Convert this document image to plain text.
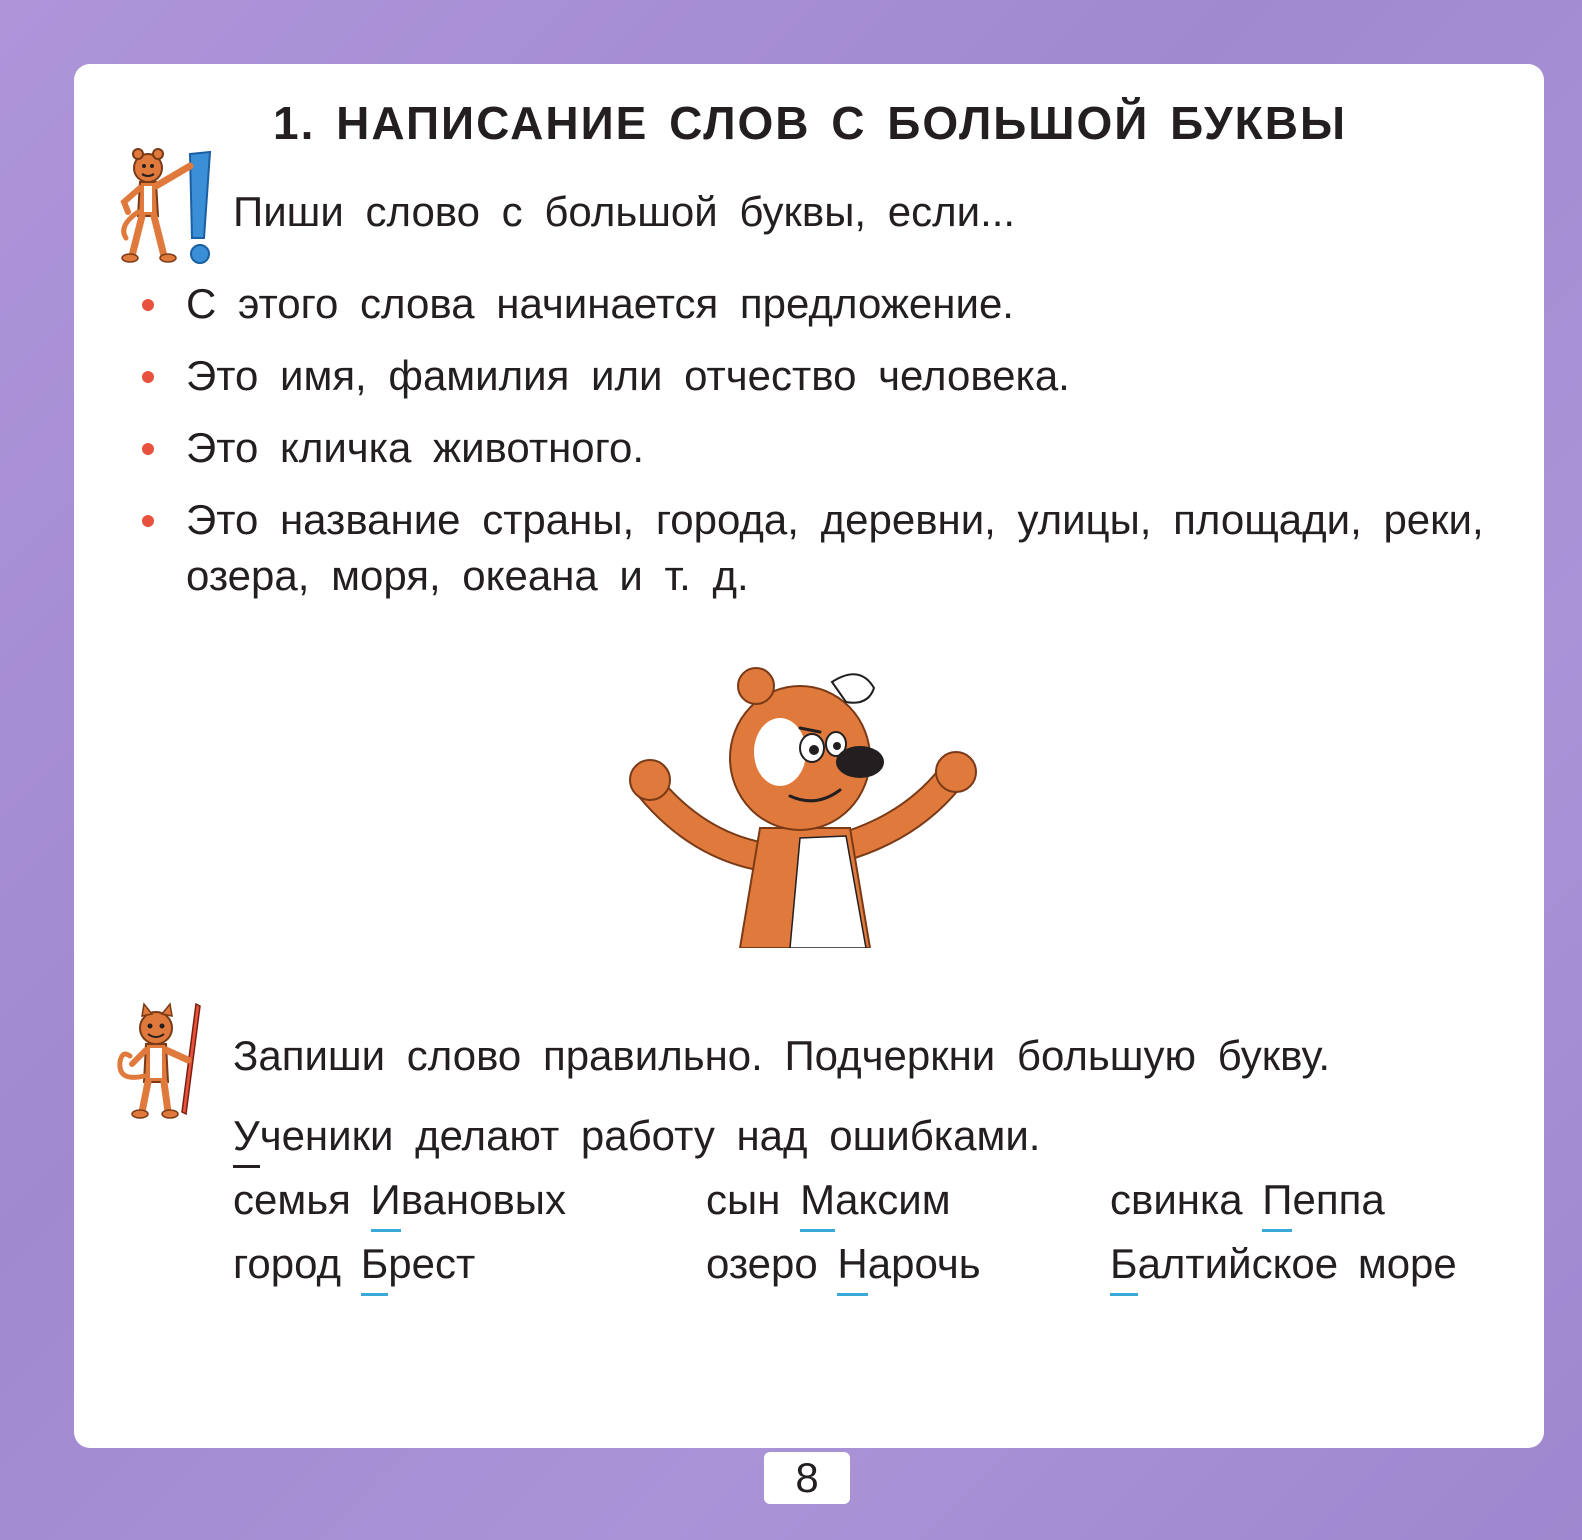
1. НАПИСАНИЕ СЛОВ С БОЛЬШОЙ БУКВЫ
Пиши слово с большой буквы, если...
С этого слова начинается предложение.
Это имя, фамилия или отчество человека.
Это кличка животного.
Это название страны, города, деревни, улицы, площади, реки, озера, моря, океана и т. д.
Запиши слово правильно. Подчеркни большую букву.
Ученики делают работу над ошибками.
семья Ивановых	сын Максим	свинка Пеппа
город Брест	озеро Нарочь	Балтийское море
8
